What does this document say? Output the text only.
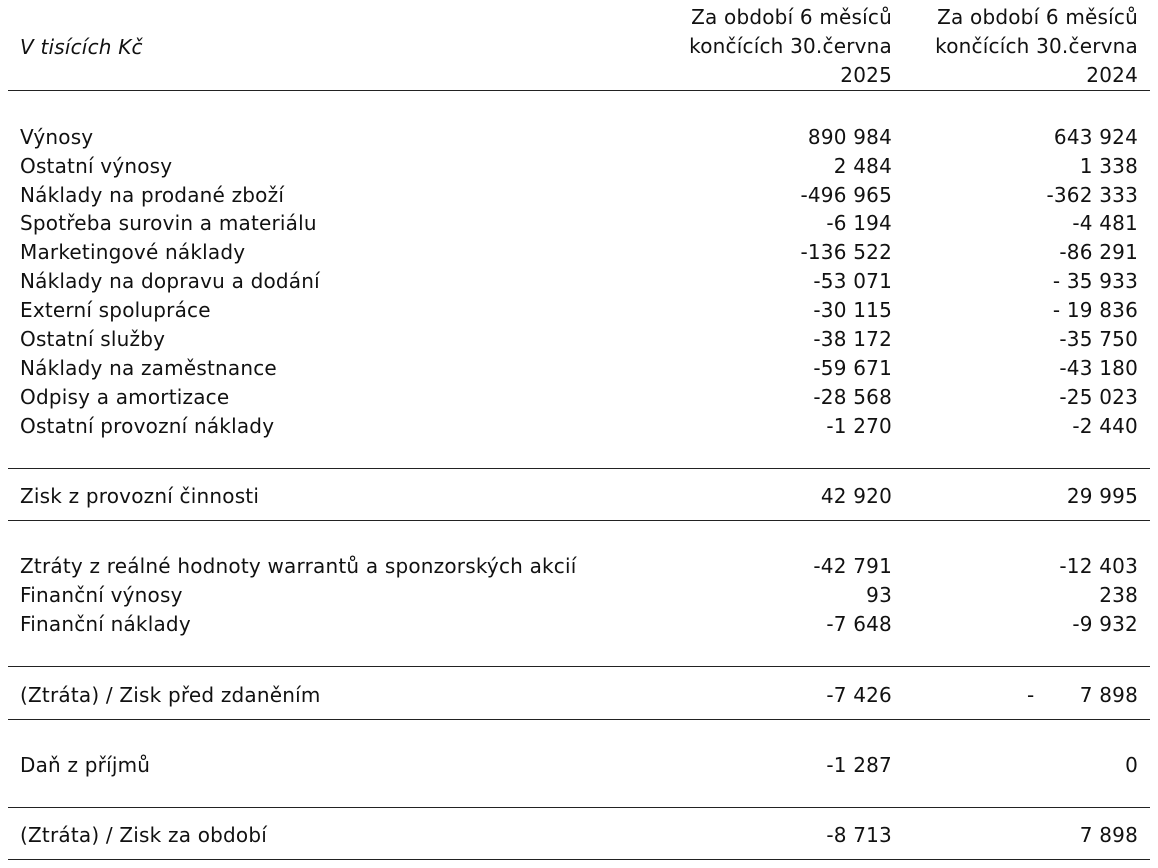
V tisících Kč
Za období 6 měsíců
končících 30.června
2025
Za období 6 měsíců
končících 30.června
2024
Výnosy	890 984	643 924
Ostatní výnosy	2 484	1 338
Náklady na prodané zboží	-496 965	-362 333
Spotřeba surovin a materiálu	-6 194	-4 481
Marketingové náklady	-136 522	-86 291
Náklady na dopravu a dodání	-53 071	- 35 933
Externí spolupráce	-30 115	- 19 836
Ostatní služby	-38 172	-35 750
Náklady na zaměstnance	-59 671	-43 180
Odpisy a amortizace	-28 568	-25 023
Ostatní provozní náklady	-1 270	-2 440
Zisk z provozní činnosti	42 920	29 995
Ztráty z reálné hodnoty warrantů a sponzorských akcií	-42 791	-12 403
Finanční výnosy	93	238
Finanční náklady	-7 648	-9 932
(Ztráta) / Zisk před zdaněním	-7 426	- 7 898
Daň z příjmů	-1 287	0
(Ztráta) / Zisk za období	-8 713	7 898
